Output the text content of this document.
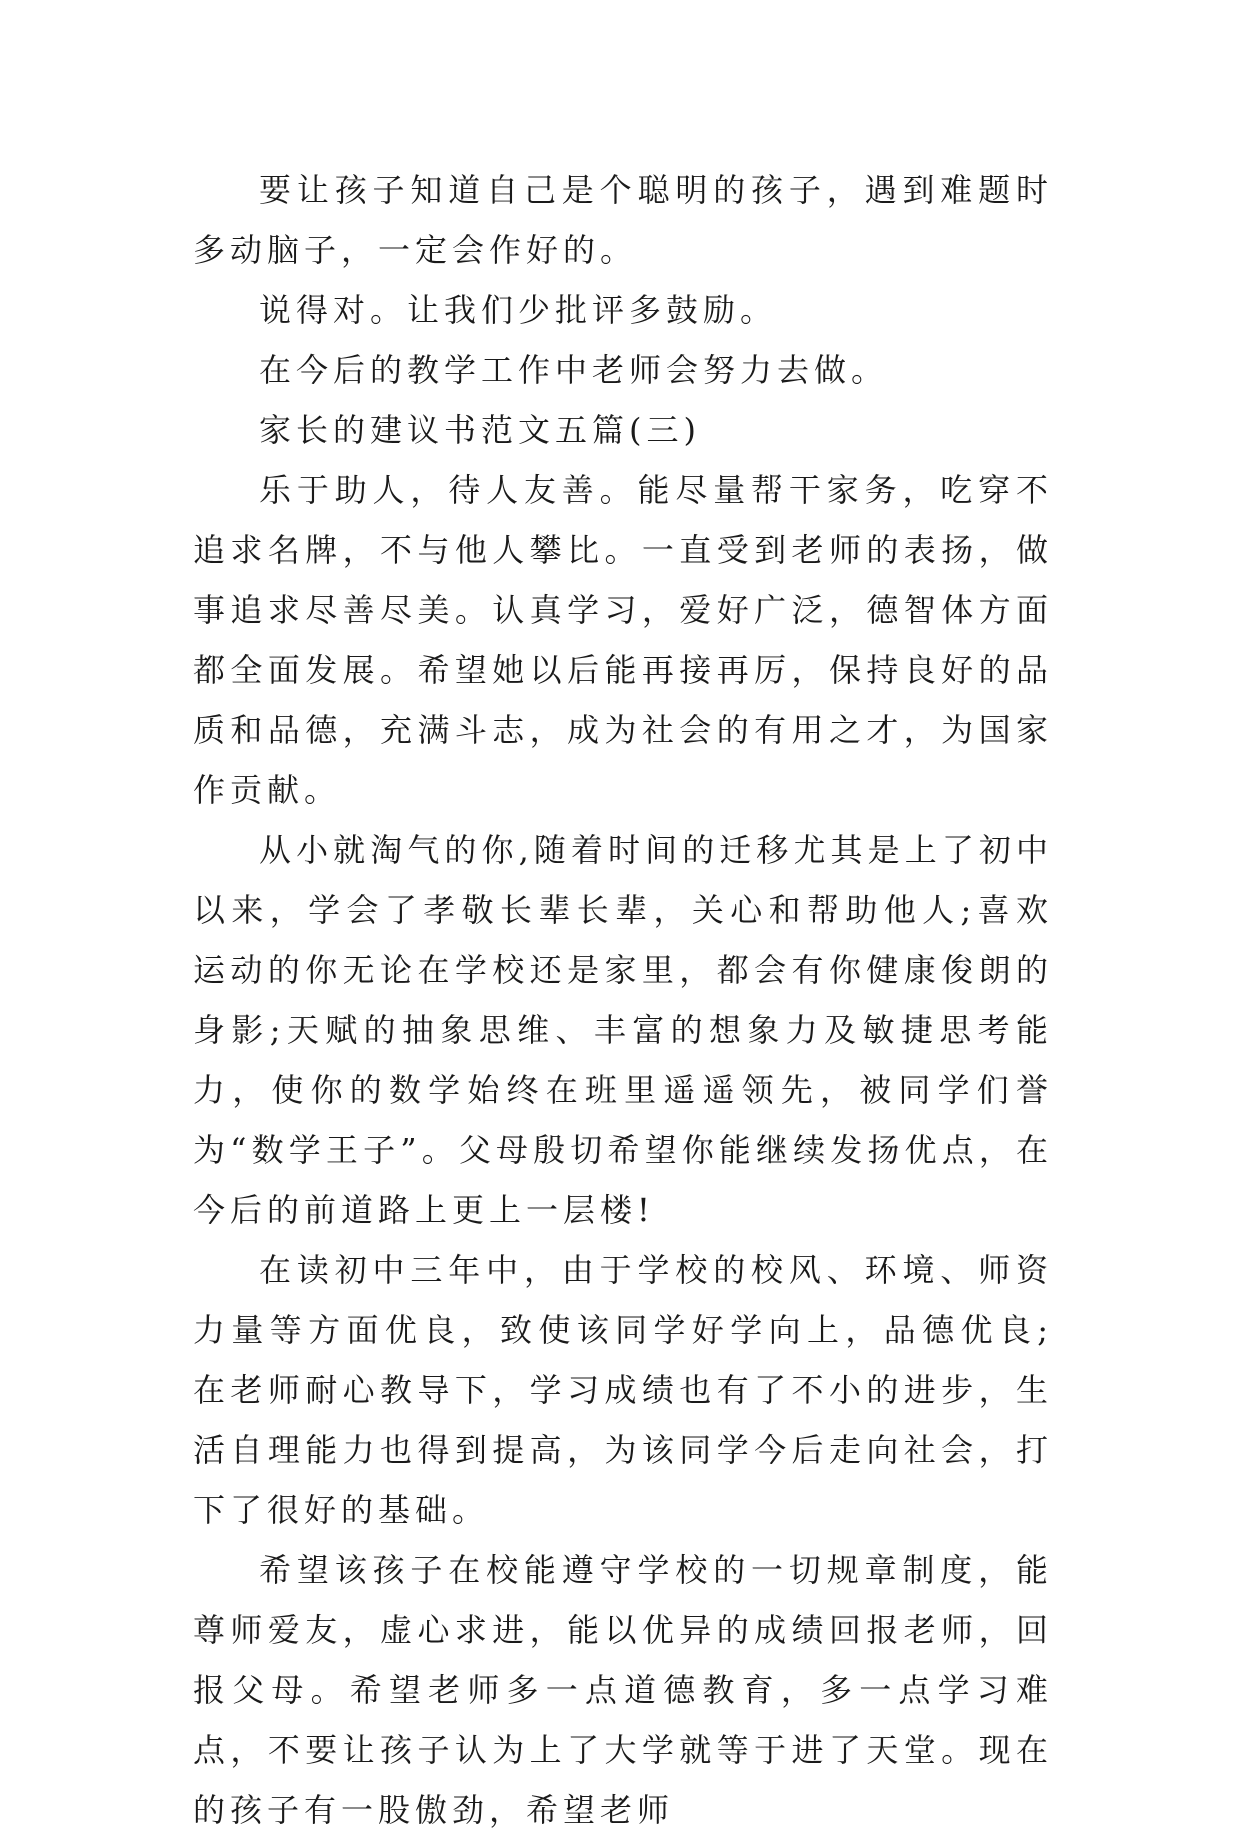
要让孩子知道自己是个聪明的孩子，遇到难题时多动脑子，一定会作好的。

说得对。让我们少批评多鼓励。

在今后的教学工作中老师会努力去做。

家长的建议书范文五篇(三)

乐于助人，待人友善。能尽量帮干家务，吃穿不追求名牌，不与他人攀比。一直受到老师的表扬，做事追求尽善尽美。认真学习，爱好广泛，德智体方面都全面发展。希望她以后能再接再厉，保持良好的品质和品德，充满斗志，成为社会的有用之才，为国家作贡献。

从小就淘气的你,随着时间的迁移尤其是上了初中以来，学会了孝敬长辈长辈，关心和帮助他人;喜欢运动的你无论在学校还是家里，都会有你健康俊朗的身影;天赋的抽象思维、丰富的想象力及敏捷思考能力，使你的数学始终在班里遥遥领先，被同学们誉为“数学王子”。父母殷切希望你能继续发扬优点，在今后的前道路上更上一层楼!

在读初中三年中，由于学校的校风、环境、师资力量等方面优良，致使该同学好学向上，品德优良;在老师耐心教导下，学习成绩也有了不小的进步，生活自理能力也得到提高，为该同学今后走向社会，打下了很好的基础。

希望该孩子在校能遵守学校的一切规章制度，能尊师爱友，虚心求进，能以优异的成绩回报老师，回报父母。希望老师多一点道德教育，多一点学习难点，不要让孩子认为上了大学就等于进了天堂。现在的孩子有一股傲劲，希望老师
